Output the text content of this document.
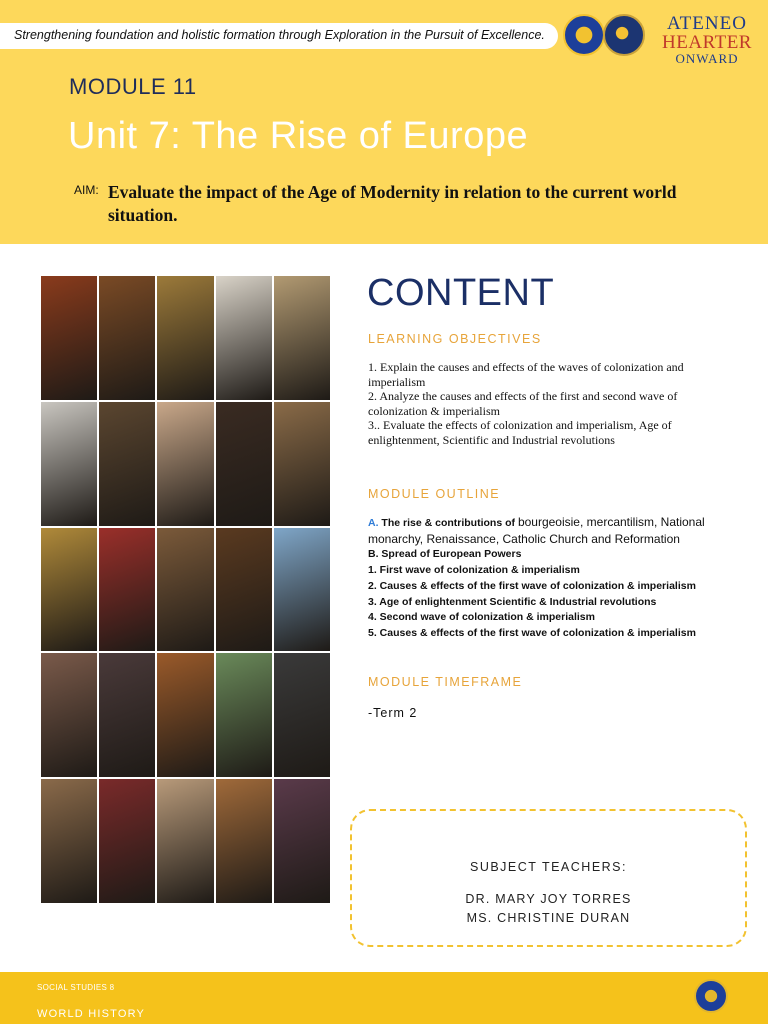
Strengthening foundation and holistic formation through Exploration in the Pursuit of Excellence.
ATENEO
HEARTER
ONWARD
MODULE 11
Unit 7: The Rise of Europe
AIM: Evaluate the impact of the Age of Modernity in relation to the current world situation.
CONTENT
LEARNING OBJECTIVES
1. Explain the causes and effects of the waves of colonization and imperialism
2. Analyze the causes and effects of the first and second wave of colonization & imperialism
3.. Evaluate the effects of colonization and imperialism, Age of enlightenment, Scientific and Industrial revolutions
MODULE OUTLINE
A. The rise & contributions of bourgeoisie, mercantilism, National
monarchy, Renaissance, Catholic Church and Reformation
B. Spread of European Powers
1. First wave of colonization & imperialism
2. Causes & effects of the first wave of colonization & imperialism
3. Age of enlightenment Scientific & Industrial revolutions
4. Second wave of colonization & imperialism
5. Causes & effects of the first wave of colonization & imperialism
MODULE TIMEFRAME
-Term 2
SUBJECT TEACHERS:
DR. MARY JOY TORRES
MS. CHRISTINE DURAN
SOCIAL STUDIES 8
WORLD HISTORY
